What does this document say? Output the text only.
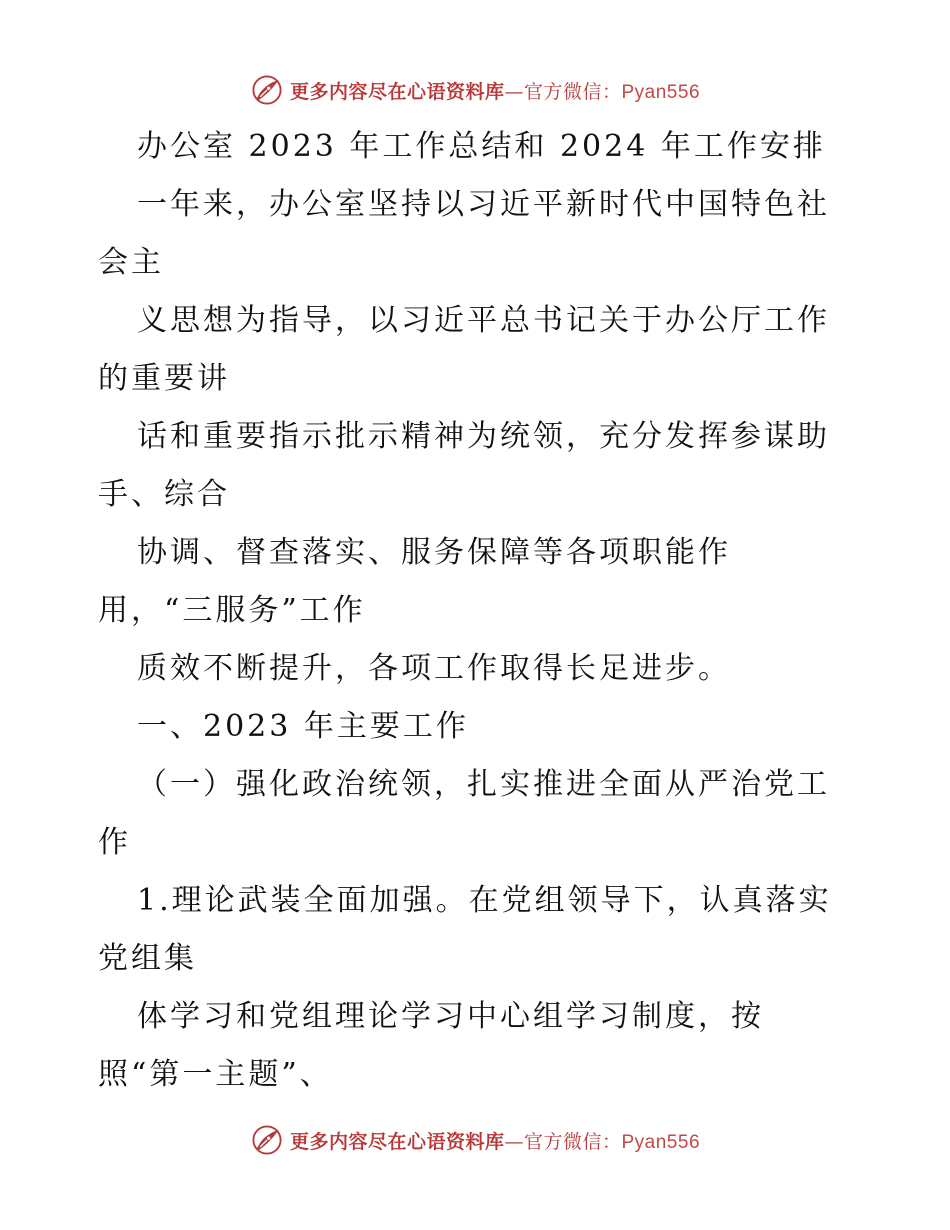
更多内容尽在心语资料库—官方微信：Pyan556
办公室 2023 年工作总结和 2024 年工作安排
一年来，办公室坚持以习近平新时代中国特色社
会主
义思想为指导，以习近平总书记关于办公厅工作
的重要讲
话和重要指示批示精神为统领，充分发挥参谋助
手、综合
协调、督查落实、服务保障等各项职能作
用，“三服务”工作
质效不断提升，各项工作取得长足进步。
一、2023 年主要工作
（一）强化政治统领，扎实推进全面从严治党工
作
1.理论武装全面加强。在党组领导下，认真落实
党组集
体学习和党组理论学习中心组学习制度，按
照“第一主题”、
更多内容尽在心语资料库—官方微信：Pyan556
